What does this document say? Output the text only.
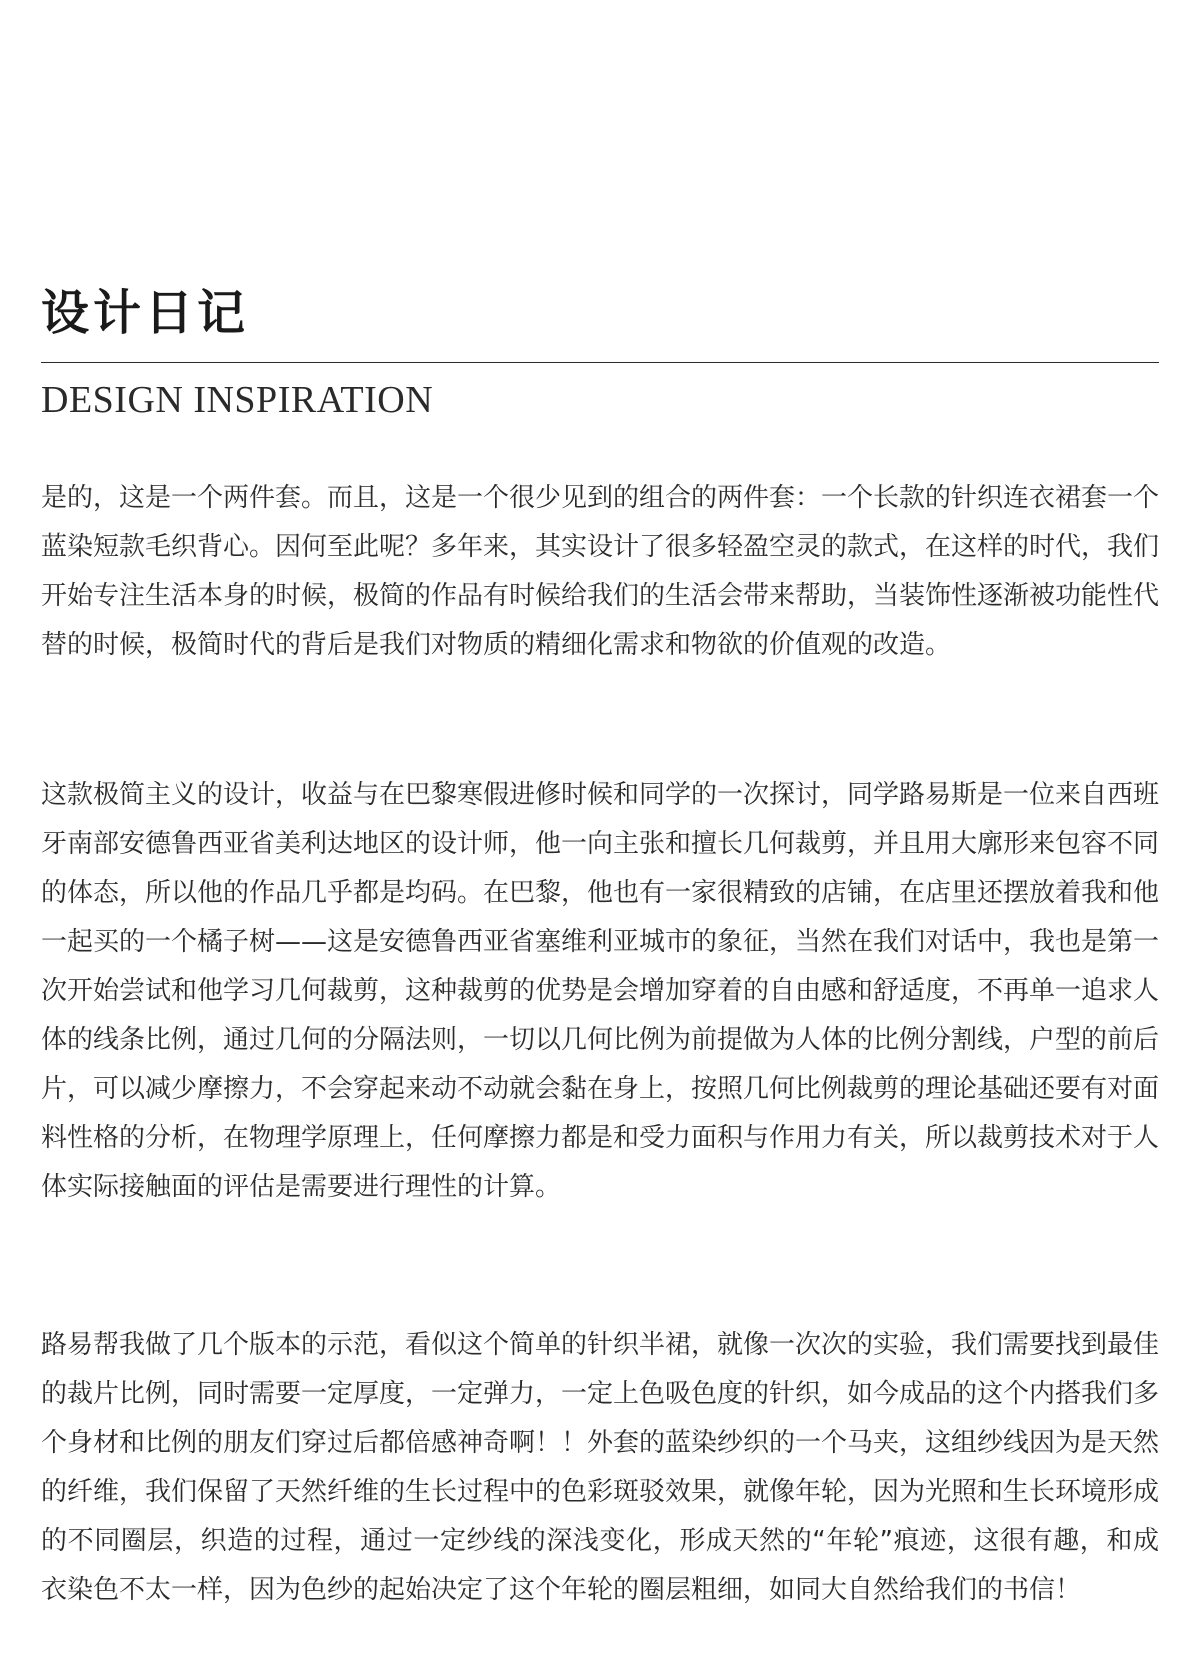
设计日记
DESIGN INSPIRATION

是的，这是一个两件套。而且，这是一个很少见到的组合的两件套：一个长款的针织连衣裙套一个蓝染短款毛织背心。因何至此呢？多年来，其实设计了很多轻盈空灵的款式，在这样的时代，我们开始专注生活本身的时候，极简的作品有时候给我们的生活会带来帮助，当装饰性逐渐被功能性代替的时候，极简时代的背后是我们对物质的精细化需求和物欲的价值观的改造。

这款极简主义的设计，收益与在巴黎寒假进修时候和同学的一次探讨，同学路易斯是一位来自西班牙南部安德鲁西亚省美利达地区的设计师，他一向主张和擅长几何裁剪，并且用大廓形来包容不同的体态，所以他的作品几乎都是均码。在巴黎，他也有一家很精致的店铺，在店里还摆放着我和他一起买的一个橘子树——这是安德鲁西亚省塞维利亚城市的象征，当然在我们对话中，我也是第一次开始尝试和他学习几何裁剪，这种裁剪的优势是会增加穿着的自由感和舒适度，不再单一追求人体的线条比例，通过几何的分隔法则，一切以几何比例为前提做为人体的比例分割线，户型的前后片，可以减少摩擦力，不会穿起来动不动就会黏在身上，按照几何比例裁剪的理论基础还要有对面料性格的分析，在物理学原理上，任何摩擦力都是和受力面积与作用力有关，所以裁剪技术对于人体实际接触面的评估是需要进行理性的计算。

路易帮我做了几个版本的示范，看似这个简单的针织半裙，就像一次次的实验，我们需要找到最佳的裁片比例，同时需要一定厚度，一定弹力，一定上色吸色度的针织，如今成品的这个内搭我们多个身材和比例的朋友们穿过后都倍感神奇啊！！外套的蓝染纱织的一个马夹，这组纱线因为是天然的纤维，我们保留了天然纤维的生长过程中的色彩斑驳效果，就像年轮，因为光照和生长环境形成的不同圈层，织造的过程，通过一定纱线的深浅变化，形成天然的“年轮”痕迹，这很有趣，和成衣染色不太一样，因为色纱的起始决定了这个年轮的圈层粗细，如同大自然给我们的书信！
